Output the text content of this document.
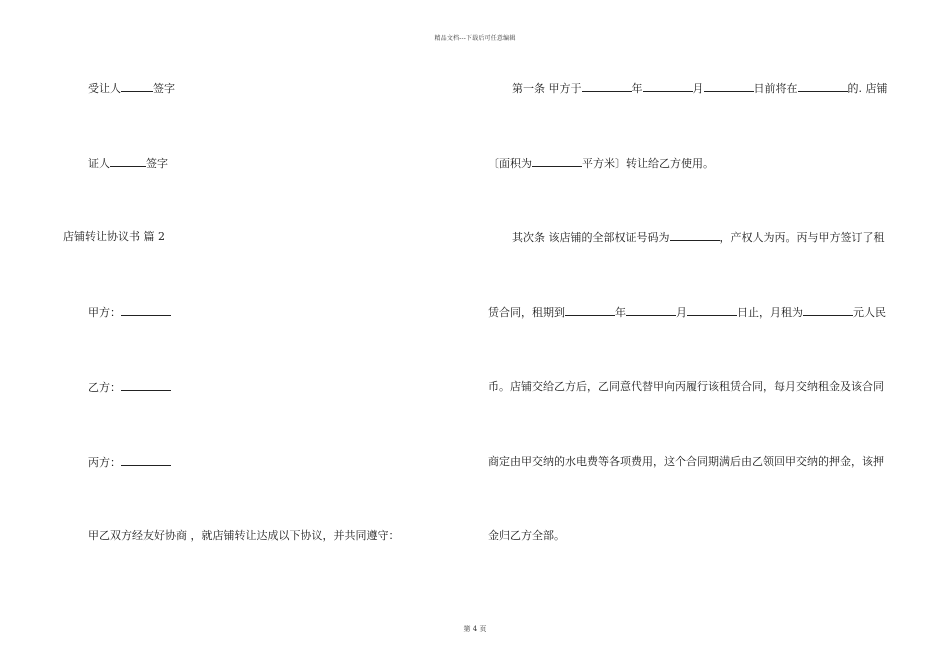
精品文档---下载后可任意编辑
受让人	签字
证人	签字
店铺转让协议书 篇 2
甲方：
乙方：
丙方：
甲乙双方经友好协商 ，就店铺转让达成以下协议，并共同遵守：
第一条 甲方于	年	月	日前将在	的. 店铺
〔面积为	平方米〕转让给乙方使用。
其次条 该店铺的全部权证号码为	，产权人为丙。丙与甲方签订了租
赁合同，租期到	年	月	日止，月租为	元人民
币。店铺交给乙方后，乙同意代替甲向丙履行该租赁合同，每月交纳租金及该合同
商定由甲交纳的水电费等各项费用，这个合同期满后由乙领回甲交纳的押金，该押
金归乙方全部。
第 4 页
